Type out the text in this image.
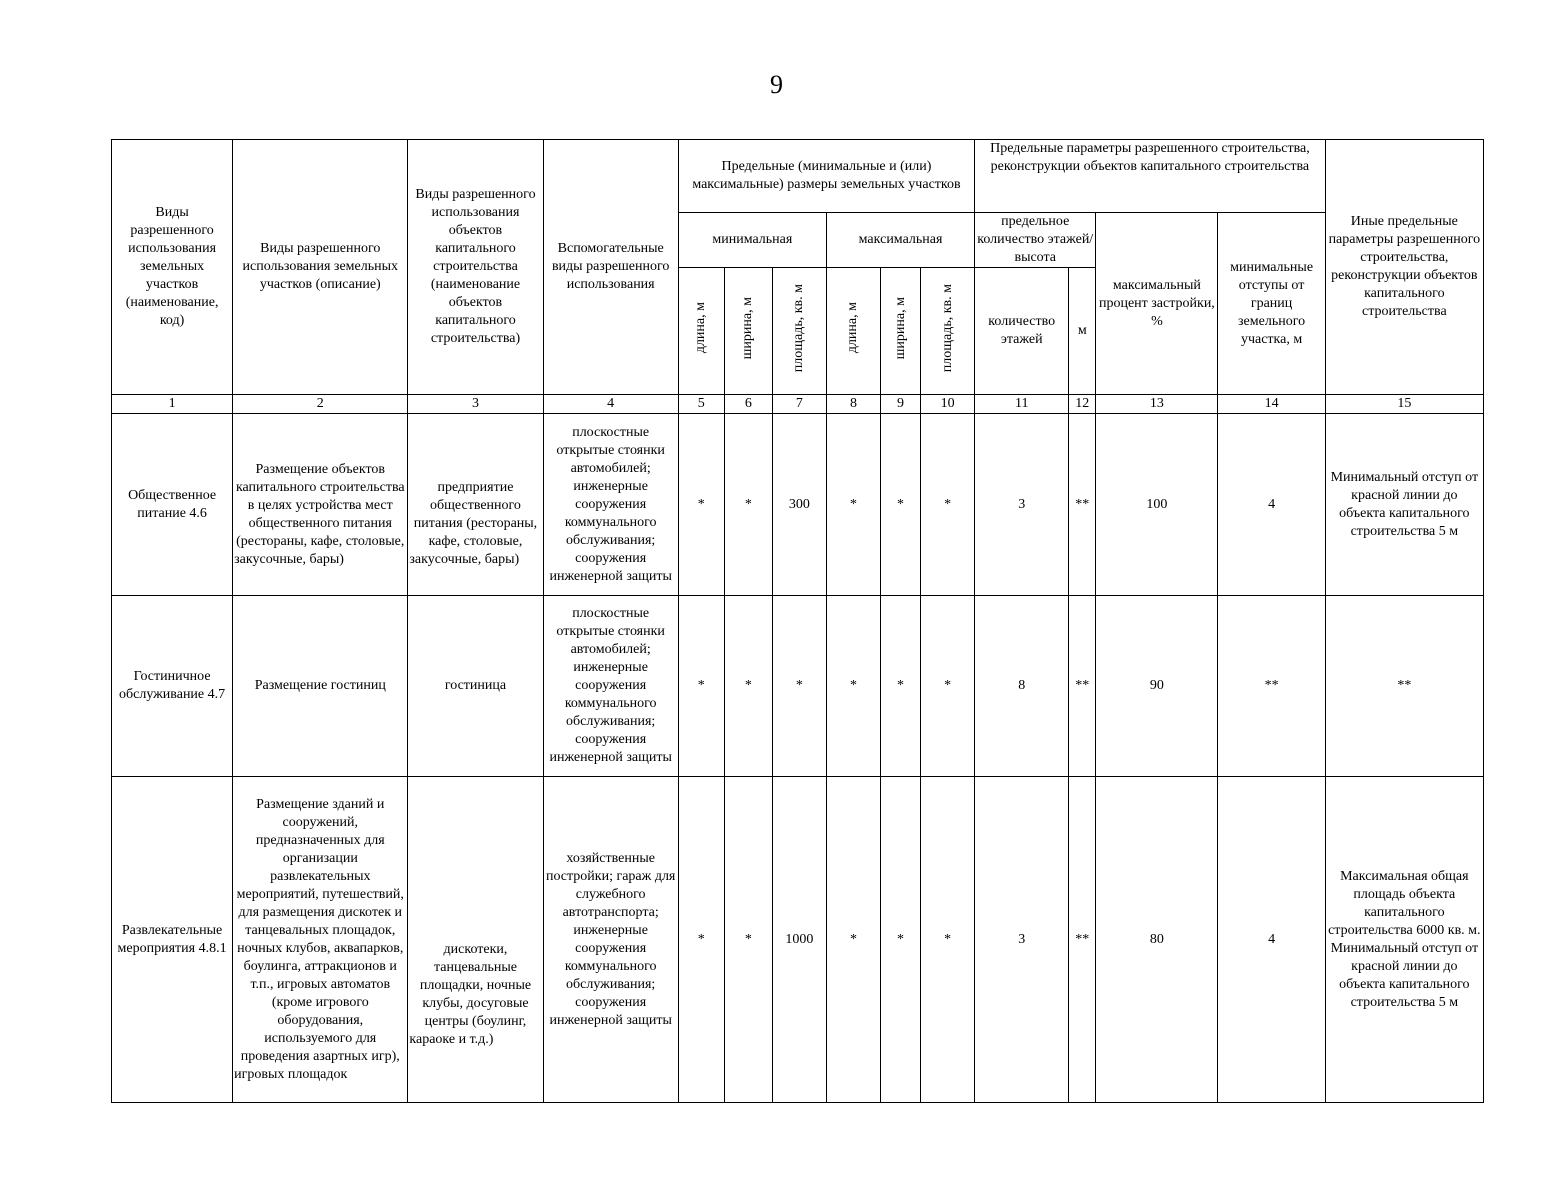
9
Виды разрешенного использования земельных участков (наименование, код)	Виды разрешенного использования земельных участков (описание)	Виды разрешенного использования объектов капитального строительства (наименование объектов капитального строительства)	Вспомогательные виды разрешенного использования	Предельные (минимальные и (или) максимальные) размеры земельных участков						Предельные параметры разрешенного строительства, реконструкции объектов капитального строительства				Иные предельные параметры разрешенного строительства, реконструкции объектов капитального строительства
				минимальная			максимальная			предельное количество этажей/высота		максимальный процент застройки, %	минимальные отступы от границ земельного участка, м	
				длина, м	ширина, м	площадь, кв. м	длина, м	ширина, м	площадь, кв. м	количество этажей	м			
1	2	3	4	5	6	7	8	9	10	11	12	13	14	15
Общественное питание 4.6	Размещение объектов капитального строительства в целях устройства мест общественного питания (рестораны, кафе, столовые, закусочные, бары)	предприятие общественного питания (рестораны, кафе, столовые, закусочные, бары)	плоскостные открытые стоянки автомобилей; инженерные сооружения коммунального обслуживания; сооружения инженерной защиты	*	*	300	*	*	*	3	**	100	4	Минимальный отступ от красной линии до объекта капитального строительства 5 м
Гостиничное обслуживание 4.7	Размещение гостиниц	гостиница	плоскостные открытые стоянки автомобилей; инженерные сооружения коммунального обслуживания; сооружения инженерной защиты	*	*	*	*	*	*	8	**	90	**	**
Развлекательные мероприятия 4.8.1	Размещение зданий и сооружений, предназначенных для организации развлекательных мероприятий, путешествий, для размещения дискотек и танцевальных площадок, ночных клубов, аквапарков, боулинга, аттракционов и т.п., игровых автоматов (кроме игрового оборудования, используемого для проведения азартных игр), игровых площадок	дискотеки, танцевальные площадки, ночные клубы, досуговые центры (боулинг, караоке и т.д.)	хозяйственные постройки; гараж для служебного автотранспорта; инженерные сооружения коммунального обслуживания; сооружения инженерной защиты	*	*	1000	*	*	*	3	**	80	4	Максимальная общая площадь объекта капитального строительства 6000 кв. м. Минимальный отступ от красной линии до объекта капитального строительства 5 м
